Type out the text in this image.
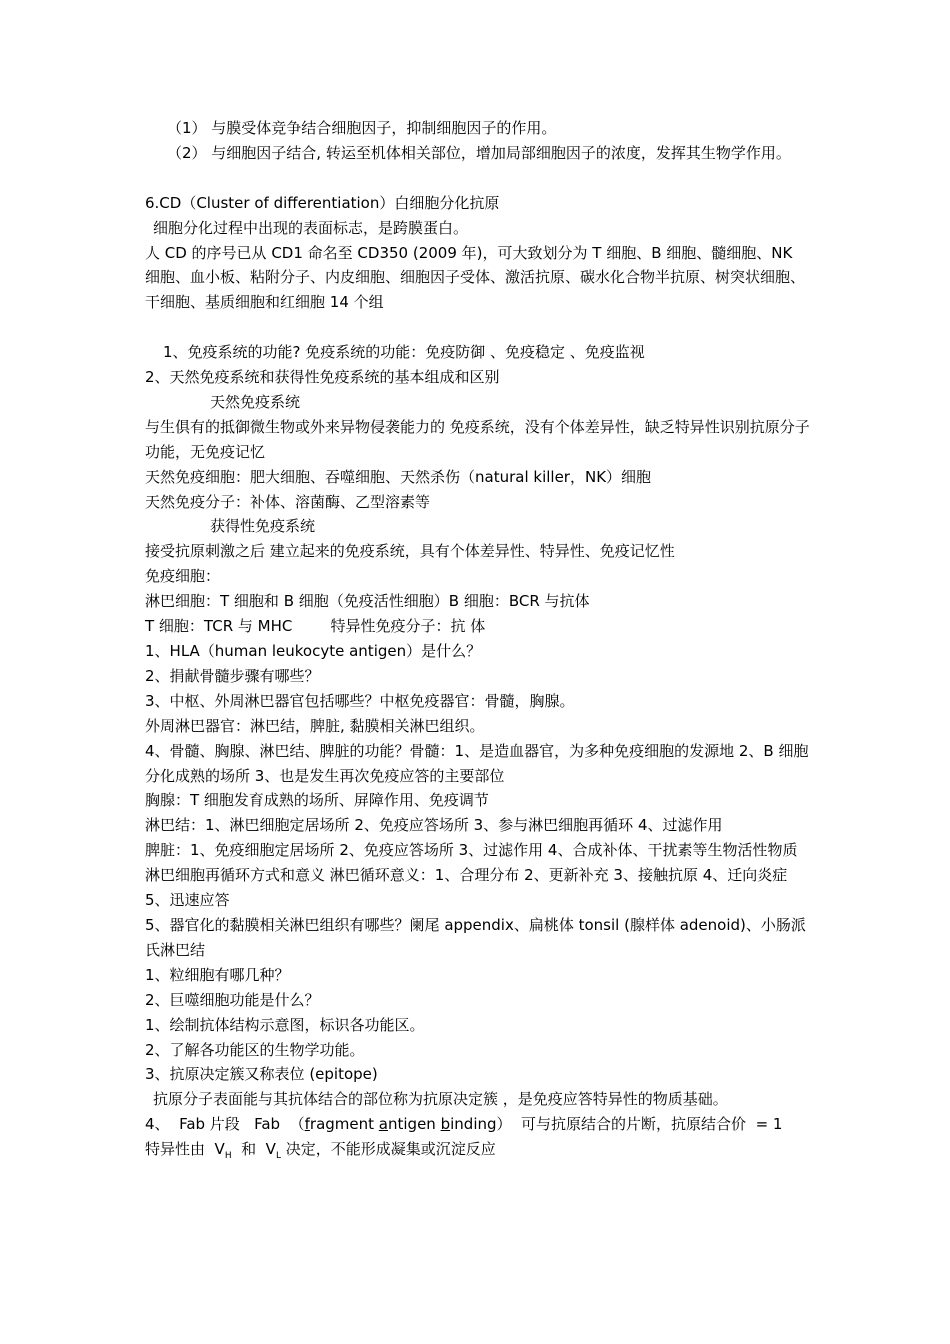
（1） 与膜受体竞争结合细胞因子，抑制细胞因子的作用。
（2） 与细胞因子结合, 转运至机体相关部位，增加局部细胞因子的浓度，发挥其生物学作用。
6.CD（Cluster of differentiation）白细胞分化抗原
细胞分化过程中出现的表面标志，是跨膜蛋白。
人 CD 的序号已从 CD1 命名至 CD350 (2009 年)，可大致划分为 T 细胞、B 细胞、髓细胞、NK 细胞、血小板、粘附分子、内皮细胞、细胞因子受体、激活抗原、碳水化合物半抗原、树突状细胞、干细胞、基质细胞和红细胞 14 个组
1、免疫系统的功能? 免疫系统的功能：免疫防御 、免疫稳定 、免疫监视
2、天然免疫系统和获得性免疫系统的基本组成和区别
天然免疫系统
与生俱有的抵御微生物或外来异物侵袭能力的 免疫系统，没有个体差异性，缺乏特异性识别抗原分子功能，无免疫记忆
天然免疫细胞：肥大细胞、吞噬细胞、天然杀伤（natural killer，NK）细胞
天然免疫分子：补体、溶菌酶、乙型溶素等
获得性免疫系统
接受抗原刺激之后 建立起来的免疫系统，具有个体差异性、特异性、免疫记忆性
免疫细胞：
淋巴细胞：T 细胞和 B 细胞（免疫活性细胞）B 细胞：BCR 与抗体
T 细胞：TCR 与 MHC        特异性免疫分子：抗 体
1、HLA（human leukocyte antigen）是什么？
2、捐献骨髓步骤有哪些？
3、中枢、外周淋巴器官包括哪些？中枢免疫器官：骨髓，胸腺。
外周淋巴器官：淋巴结，脾脏, 黏膜相关淋巴组织。
4、骨髓、胸腺、淋巴结、脾脏的功能？骨髓：1、是造血器官，为多种免疫细胞的发源地 2、B 细胞分化成熟的场所 3、也是发生再次免疫应答的主要部位
胸腺：T 细胞发育成熟的场所、屏障作用、免疫调节
淋巴结：1、淋巴细胞定居场所 2、免疫应答场所 3、参与淋巴细胞再循环 4、过滤作用
脾脏：1、免疫细胞定居场所 2、免疫应答场所 3、过滤作用 4、合成补体、干扰素等生物活性物质
淋巴细胞再循环方式和意义 淋巴循环意义：1、合理分布 2、更新补充 3、接触抗原 4、迁向炎症 5、迅速应答
5、器官化的黏膜相关淋巴组织有哪些？阑尾 appendix、扁桃体 tonsil (腺样体 adenoid)、小肠派氏淋巴结
1、粒细胞有哪几种？
2、巨噬细胞功能是什么？
1、绘制抗体结构示意图，标识各功能区。
2、了解各功能区的生物学功能。
3、抗原决定簇又称表位 (epitope)
抗原分子表面能与其抗体结合的部位称为抗原决定簇 ，是免疫应答特异性的物质基础。
4、  Fab 片段   Fab  （fragment antigen binding）  可与抗原结合的片断，抗原结合价  = 1
特异性由  $V_H$  和  $V_L$ 决定，不能形成凝集或沉淀反应
